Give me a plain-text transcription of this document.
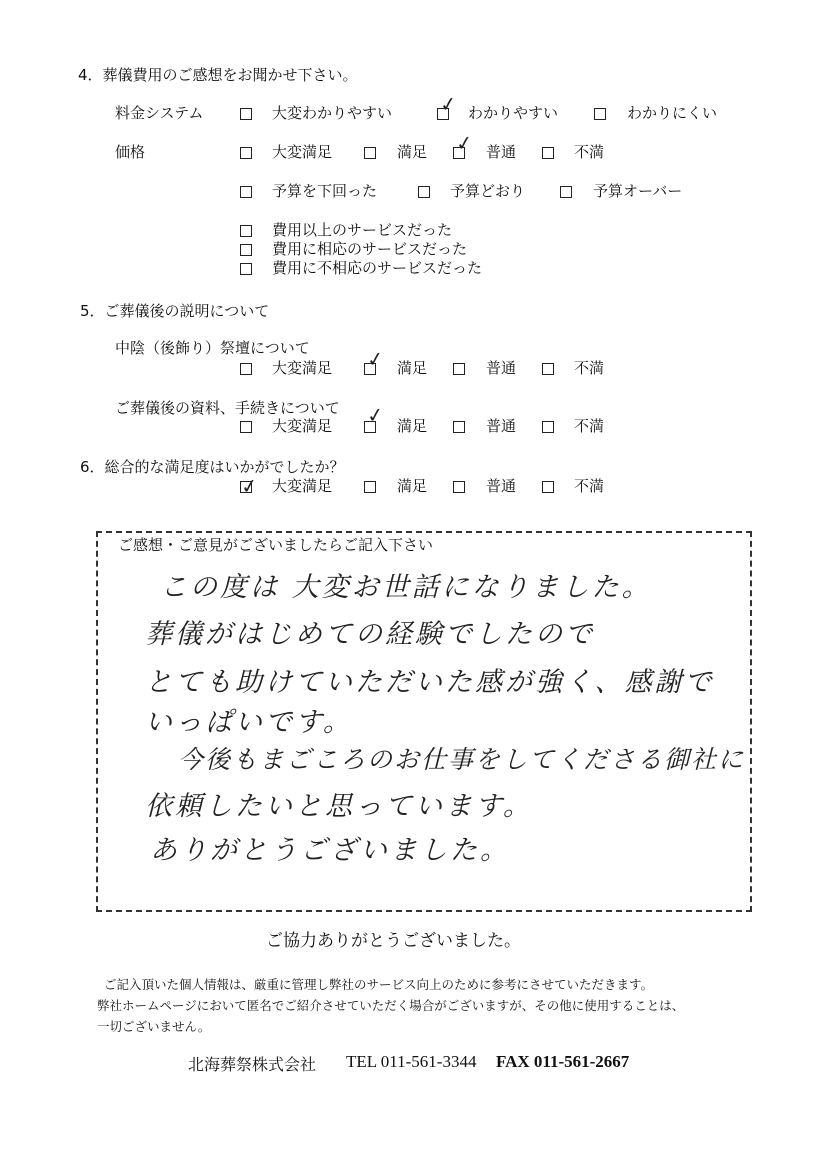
4．葬儀費用のご感想をお聞かせ下さい。
料金システム	大変わかりやすい ✓ わかりやすい	わかりにくい
価格	大変満足	満足 ✓ 普通	不満
予算を下回った	予算どおり	予算オーバー
費用以上のサービスだった
費用に相応のサービスだった
費用に不相応のサービスだった
5．ご葬儀後の説明について
中陰（後飾り）祭壇について
大変満足 ✓ 満足	普通	不満
ご葬儀後の資料、手続きについて
大変満足 ✓ 満足	普通	不満
6．総合的な満足度はいかがでしたか？
✓ 大変満足	満足	普通	不満
ご感想・ご意見がございましたらご記入下さい
この度は 大変お世話になりました。
葬儀がはじめての経験でしたので
とても助けていただいた感が強く、感謝で
いっぱいです。
今後もまごころのお仕事をしてくださる御社に
依頼したいと思っています。
ありがとうございました。
ご協力ありがとうございました。
ご記入頂いた個人情報は、厳重に管理し弊社のサービス向上のために参考にさせていただきます。
弊社ホームページにおいて匿名でご紹介させていただく場合がございますが、その他に使用することは、
一切ございません。
北海葬祭株式会社 TEL 011-561-3344 FAX 011-561-2667
